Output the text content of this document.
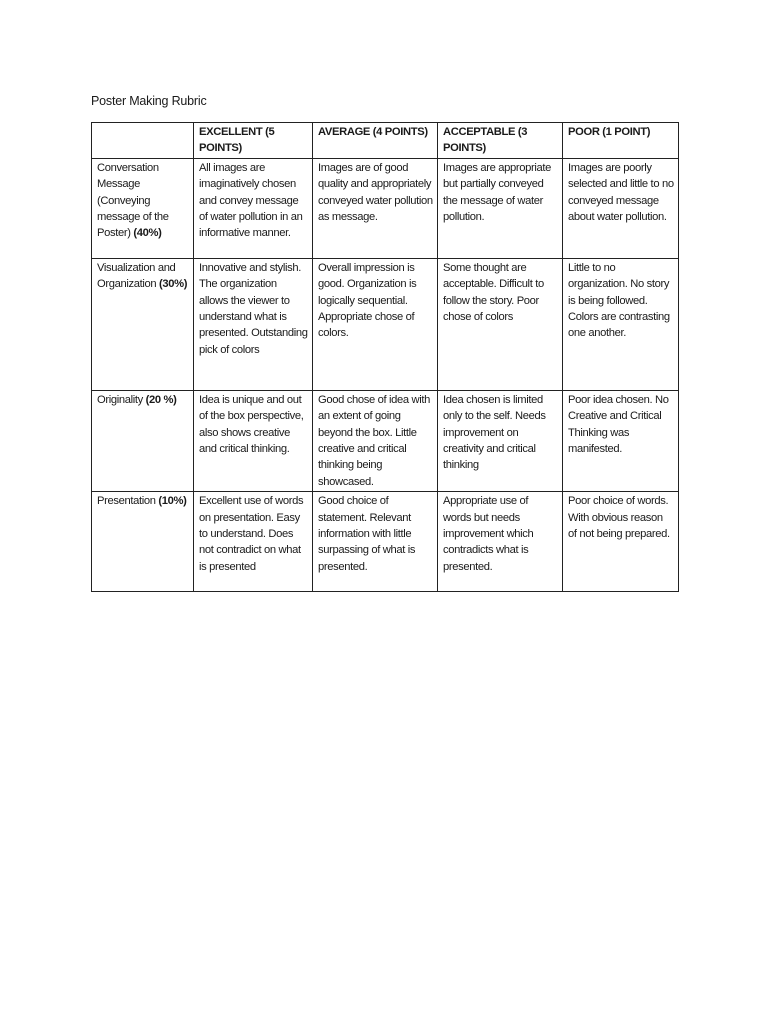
Poster Making Rubric
	EXCELLENT (5 POINTS)	AVERAGE (4 POINTS)	ACCEPTABLE (3 POINTS)	POOR (1 POINT)
Conversation Message (Conveying message of the Poster) (40%)	All images are imaginatively chosen and convey message of water pollution in an informative manner.	Images are of good quality and appropriately conveyed water pollution as message.	Images are appropriate but partially conveyed the message of water pollution.	Images are poorly selected and little to no conveyed message about water pollution.
Visualization and Organization (30%)	Innovative and stylish. The organization allows the viewer to understand what is presented. Outstanding pick of colors	Overall impression is good. Organization is logically sequential. Appropriate chose of colors.	Some thought are acceptable. Difficult to follow the story. Poor chose of colors	Little to no organization. No story is being followed. Colors are contrasting one another.
Originality (20 %)	Idea is unique and out of the box perspective, also shows creative and critical thinking.	Good chose of idea with an extent of going beyond the box. Little creative and critical thinking being showcased.	Idea chosen is limited only to the self. Needs improvement on creativity and critical thinking	Poor idea chosen. No Creative and Critical Thinking was manifested.
Presentation (10%)	Excellent use of words on presentation. Easy to understand. Does not contradict on what is presented	Good choice of statement. Relevant information with little surpassing of what is presented.	Appropriate use of words but needs improvement which contradicts what is presented.	Poor choice of words. With obvious reason of not being prepared.
